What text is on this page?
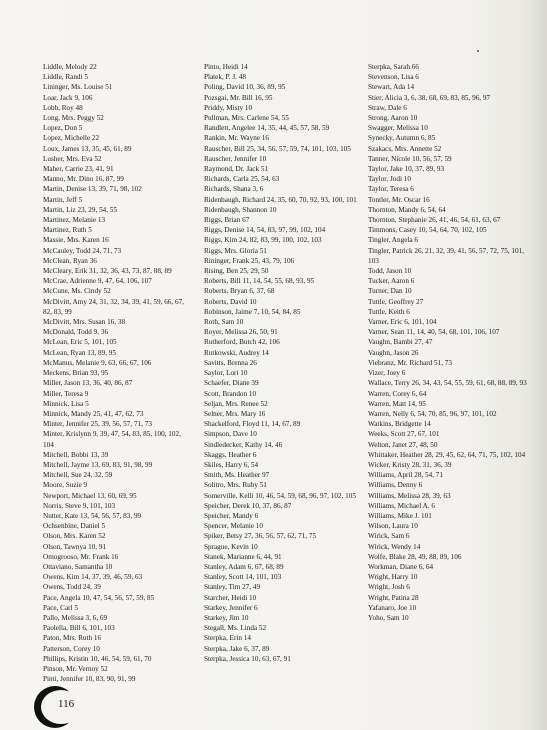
Liddle, Melody 22
Liddle, Randi 5
Lininger, Ms. Louise 51
Loar, Jack 9, 106
Lobb, Roy 48
Long, Mrs. Peggy 52
Lopez, Don 5
Lopez, Michelle 22
Loux, James 13, 35, 45, 61, 89
Lusher, Mrs. Eva 52
Maher, Carrie 23, 41, 91
Manno, Mr. Dino 16, 87, 99
Martin, Denise 13, 39, 71, 98, 102
Martin, Jeff 5
Martin, Liz 23, 29, 54, 55
Martinez, Melanie 13
Martinez, Ruth 5
Massie, Mrs. Karen 16
McCauley, Todd 24, 71, 73
McClean, Ryan 36
McCleary, Erik 31, 32, 36, 43, 73, 87, 88, 89
McCrae, Adrienne 9, 47, 64, 106, 107
McCune, Ms. Cindy 52
McDivitt, Amy 24, 31, 32, 34, 39, 41, 59, 66, 67, 82, 83, 99
McDivitt, Mrs. Susan 16, 38
McDonald, Todd 9, 36
McLean, Eric 5, 101, 105
McLean, Ryan 13, 89, 95
McManus, Melanie 9, 63, 66, 67, 106
Meckens, Brian 93, 95
Miller, Jason 13, 36, 40, 86, 87
Miller, Teresa 9
Minnick, Lisa 5
Minnick, Mandy 25, 41, 47, 62, 73
Minter, Jennifer 25, 39, 56, 57, 71, 73
Minter, Krislynn 9, 39, 47, 54, 83, 85, 100, 102, 104
Mitchell, Bobbi 13, 39
Mitchell, Jayme 13, 69, 83, 91, 98, 99
Mitchell, Sue 24, 32, 59
Moore, Suzie 9
Newport, Michael 13, 60, 69, 95
Norris, Steve 9, 101, 103
Nutter, Kate 13, 54, 56, 57, 83, 99
Ochsenbine, Daniel 5
Olson, Mrs. Karen 52
Olson, Tawnya 10, 91
Omogrooso, Mr. Frank 16
Ottaviano, Samantha 10
Owens, Kim 14, 37, 39, 46, 59, 63
Owens, Todd 24, 39
Pace, Angela 10, 47, 54, 56, 57, 59, 85
Pace, Carl 5
Pallo, Melissa 3, 6, 69
Paolella, Bill 6, 101, 103
Paton, Mrs. Ruth 16
Patterson, Corey 10
Phillips, Kristin 10, 46, 54, 59, 61, 70
Pinson, Mr. Vernoy 52
Pinti, Jennifer 10, 83, 90, 91, 99
Pinto, Heidi 14
Platek, P. J. 48
Poling, David 10, 36, 89, 95
Pozsgai, Mr. Bill 16, 95
Priddy, Misty 10
Pullman, Mrs. Carlene 54, 55
Randlett, Angelee 14, 35, 44, 45, 57, 58, 59
Rankin, Mr. Wayne 16
Rauscher, Bill 25, 34, 56, 57, 59, 74, 101, 103, 105
Rauscher, Jennifer 10
Raymond, Dr. Jack 51
Richards, Carla 25, 54, 63
Richards, Shana 3, 6
Ridenbaugh, Richard 24, 35, 60, 70, 92, 93, 100, 101
Ridenbaugh, Shannon 10
Riggs, Brian 67
Riggs, Denise 14, 54, 83, 97, 99, 102, 104
Riggs, Kim 24, 82, 83, 99, 100, 102, 103
Riggs, Mrs. Gloria 51
Rininger, Frank 25, 43, 79, 106
Rising, Ben 25, 29, 50
Roberts, Bill 11, 14, 54, 55, 68, 93, 95
Roberts, Bryan 6, 37, 68
Roberts, David 10
Robinson, Jaime 7, 10, 54, 84, 85
Roth, Sam 10
Royer, Melissa 26, 50, 91
Rutherford, Butch 42, 106
Rutkowski, Audrey 14
Savitts, Brenna 26
Saylor, Lori 10
Schaefer, Diane 39
Scott, Brandon 10
Seljan, Mrs. Renee 52
Selner, Mrs. Mary 16
Shackelford, Floyd 11, 14, 67, 89
Simpson, Dave 10
Sindledecker, Kathy 14, 46
Skaggs, Heather 6
Skiles, Harry 6, 54
Smith, Ms. Heather 97
Solitro, Mrs. Ruby 51
Somerville, Kelli 10, 46, 54, 59, 68, 96, 97, 102, 105
Speicher, Derek 10, 37, 86, 87
Speicher, Mandy 6
Spencer, Melanie 10
Spiker, Betsy 27, 36, 56, 57, 62, 71, 75
Sprague, Kevin 10
Stanek, Marianne 6, 44, 91
Stanley, Adam 6, 67, 68, 89
Stanley, Scott 14, 101, 103
Stanley, Tim 27, 49
Starcher, Heidi 10
Starkey, Jennifer 6
Starkey, Jim 10
Stegall, Ms. Linda 52
Sterpka, Erin 14
Sterpka, Jake 6, 37, 89
Sterpka, Jessica 10, 63, 67, 91
Sterpka, Sarah 66
Stevenson, Lisa 6
Stewart, Ada 14
Stier, Alicia 3, 6, 38, 68, 69, 83, 85, 96, 97
Straw, Dale 6
Strong, Aaron 10
Swagger, Melissa 10
Synecky, Autumn 6, 85
Szakacs, Mrs. Annette 52
Tanner, Nicole 10, 56, 57, 59
Taylor, Jake 10, 37, 89, 93
Taylor, Jodi 10
Taylor, Teresa 6
Tontler, Mr. Oscar 16
Thornton, Mandy 6, 54, 64
Thornton, Stephanie 26, 41, 46, 54, 61, 63, 67
Timmons, Casey 10, 54, 64, 70, 102, 105
Tingler, Angela 6
Tingler, Patrick 26, 21, 32, 39, 41, 56, 57, 72, 75, 101, 103
Todd, Jason 10
Tucker, Aaron 6
Turner, Dan 10
Tuttle, Geoffrey 27
Tuttle, Keith 6
Varner, Eric 6, 101, 104
Varner, Sean 11, 14, 40, 54, 68, 101, 106, 107
Vaughn, Bambi 27, 47
Vaughn, Jason 26
Viebranz, Mr. Richard 51, 73
Vizer, Joey 6
Wallace, Terry 26, 34, 43, 54, 55, 59, 61, 68, 88, 89, 93
Warren, Corey 6, 64
Warren, Matt 14, 95
Warren, Nelly 6, 54, 70, 85, 96, 97, 101, 102
Watkins, Bridgette 14
Weeks, Scott 27, 67, 101
Welton, Janet 27, 48, 50
Whittaker, Heather 28, 29, 45, 62, 64, 71, 75, 102, 104
Wicker, Kristy 28, 31, 36, 39
Williams, April 28, 54, 71
Williams, Denny 6
Williams, Melissa 28, 39, 63
Williams, Michael A. 6
Williams, Mike J. 101
Wilson, Laura 10
Wirick, Sam 6
Wirick, Wendy 14
Wolfe, Blake 28, 49, 88, 89, 106
Workman, Diane 6, 64
Wright, Harry 10
Wright, Josh 6
Wright, Patina 28
Yafanaro, Joe 10
Yoho, Sam 10
116
